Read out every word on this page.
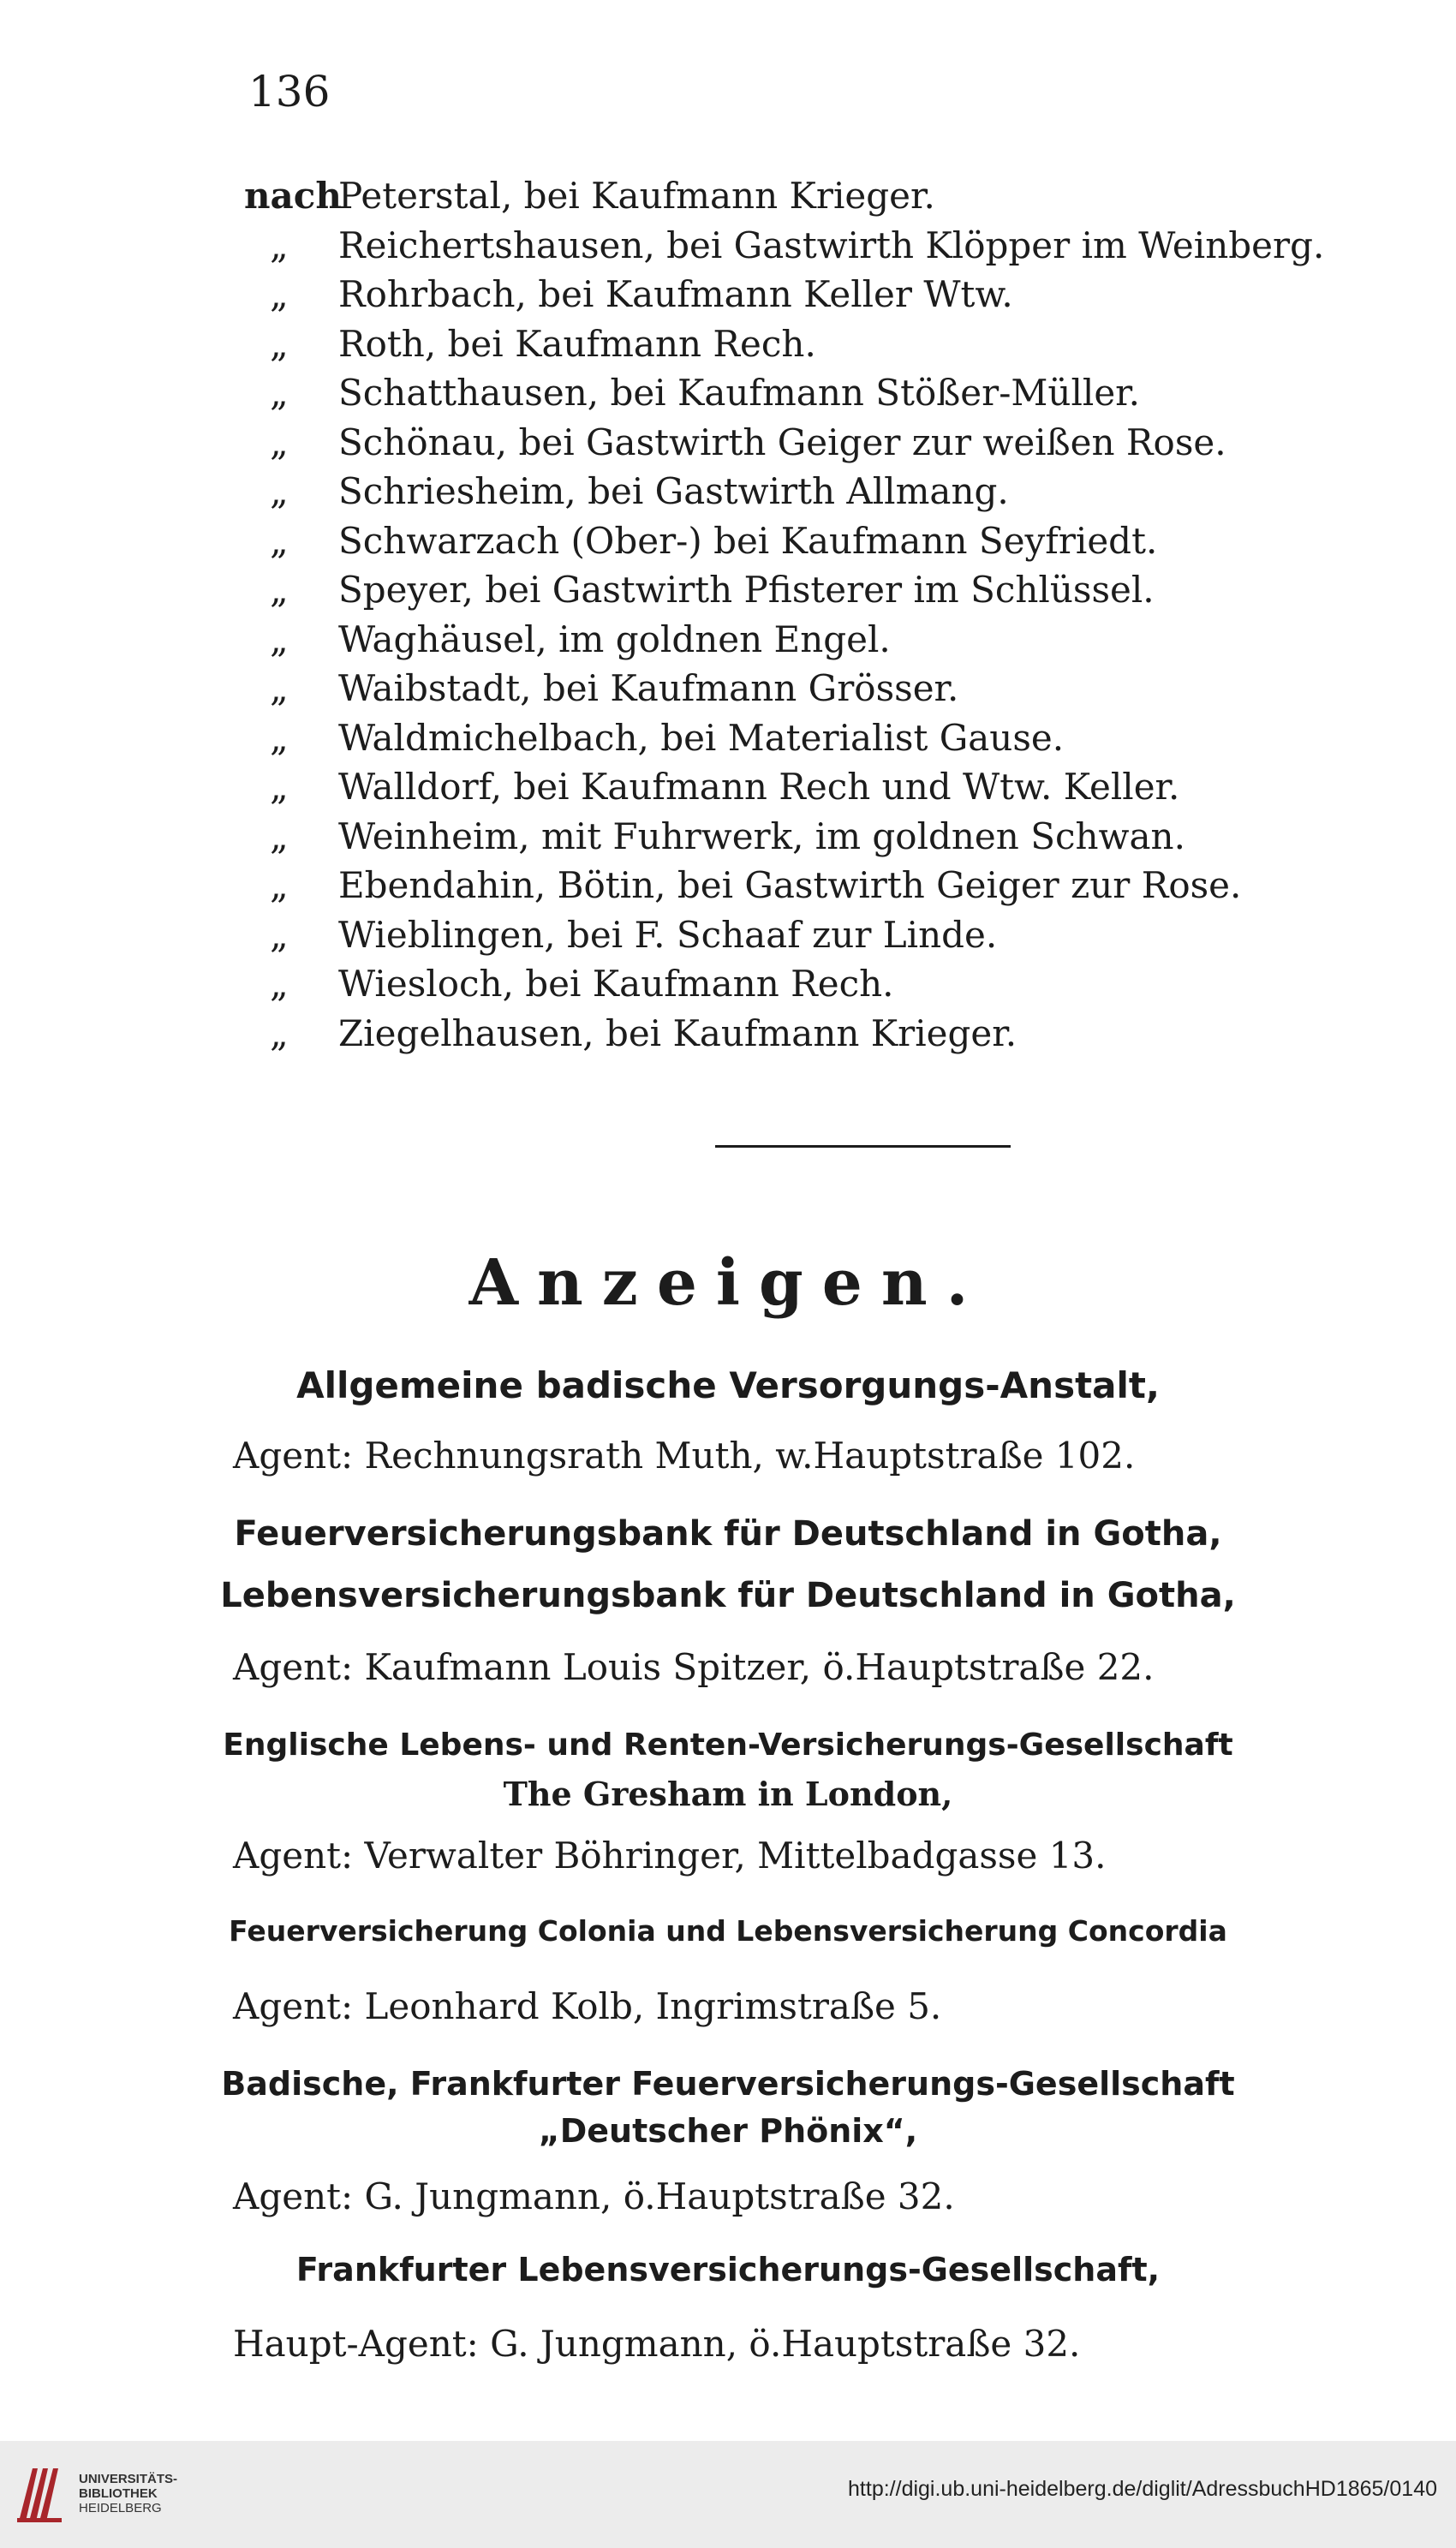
136
nachPeterstal, bei Kaufmann Krieger.
„ Reichertshausen, bei Gastwirth Klöpper im Weinberg.
„ Rohrbach, bei Kaufmann Keller Wtw.
„ Roth, bei Kaufmann Rech.
„ Schatthausen, bei Kaufmann Stößer-Müller.
„ Schönau, bei Gastwirth Geiger zur weißen Rose.
„ Schriesheim, bei Gastwirth Allmang.
„ Schwarzach (Ober-) bei Kaufmann Seyfriedt.
„ Speyer, bei Gastwirth Pfisterer im Schlüssel.
„ Waghäusel, im goldnen Engel.
„ Waibstadt, bei Kaufmann Grösser.
„ Waldmichelbach, bei Materialist Gause.
„ Walldorf, bei Kaufmann Rech und Wtw. Keller.
„ Weinheim, mit Fuhrwerk, im goldnen Schwan.
„ Ebendahin, Bötin, bei Gastwirth Geiger zur Rose.
„ Wieblingen, bei F. Schaaf zur Linde.
„ Wiesloch, bei Kaufmann Rech.
„ Ziegelhausen, bei Kaufmann Krieger.
Anzeigen.
Allgemeine badische Versorgungs-Anstalt,
Agent: Rechnungsrath Muth, w.Hauptstraße 102.
Feuerversicherungsbank für Deutschland in Gotha,
Lebensversicherungsbank für Deutschland in Gotha,
Agent: Kaufmann Louis Spitzer, ö.Hauptstraße 22.
Englische Lebens- und Renten-Versicherungs-Gesellschaft
The Gresham in London,
Agent: Verwalter Böhringer, Mittelbadgasse 13.
Feuerversicherung Colonia und Lebensversicherung Concordia
Agent: Leonhard Kolb, Ingrimstraße 5.
Badische, Frankfurter Feuerversicherungs-Gesellschaft
„Deutscher Phönix“,
Agent: G. Jungmann, ö.Hauptstraße 32.
Frankfurter Lebensversicherungs-Gesellschaft,
Haupt-Agent: G. Jungmann, ö.Hauptstraße 32.
UNIVERSITÄTS-
BIBLIOTHEK
HEIDELBERG
http://digi.ub.uni-heidelberg.de/diglit/AdressbuchHD1865/0140
